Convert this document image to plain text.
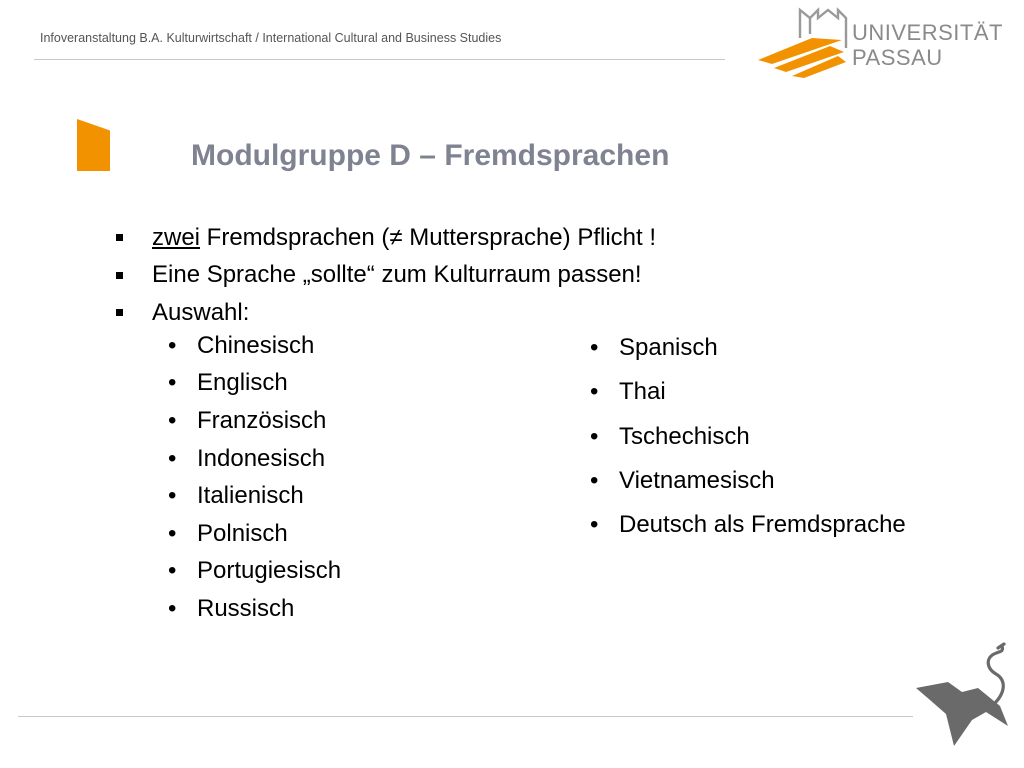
Infoveranstaltung B.A. Kulturwirtschaft / International Cultural and Business Studies	UNIVERSITÄT
PASSAU
Modulgruppe D – Fremdsprachen
zwei Fremdsprachen (≠ Muttersprache) Pflicht !
Eine Sprache „sollte“ zum Kulturraum passen!
Auswahl:
• Chinesisch
• Englisch
• Französisch
• Indonesisch
• Italienisch
• Polnisch
• Portugiesisch
• Russisch
• Spanisch
• Thai
• Tschechisch
• Vietnamesisch
• Deutsch als Fremdsprache
